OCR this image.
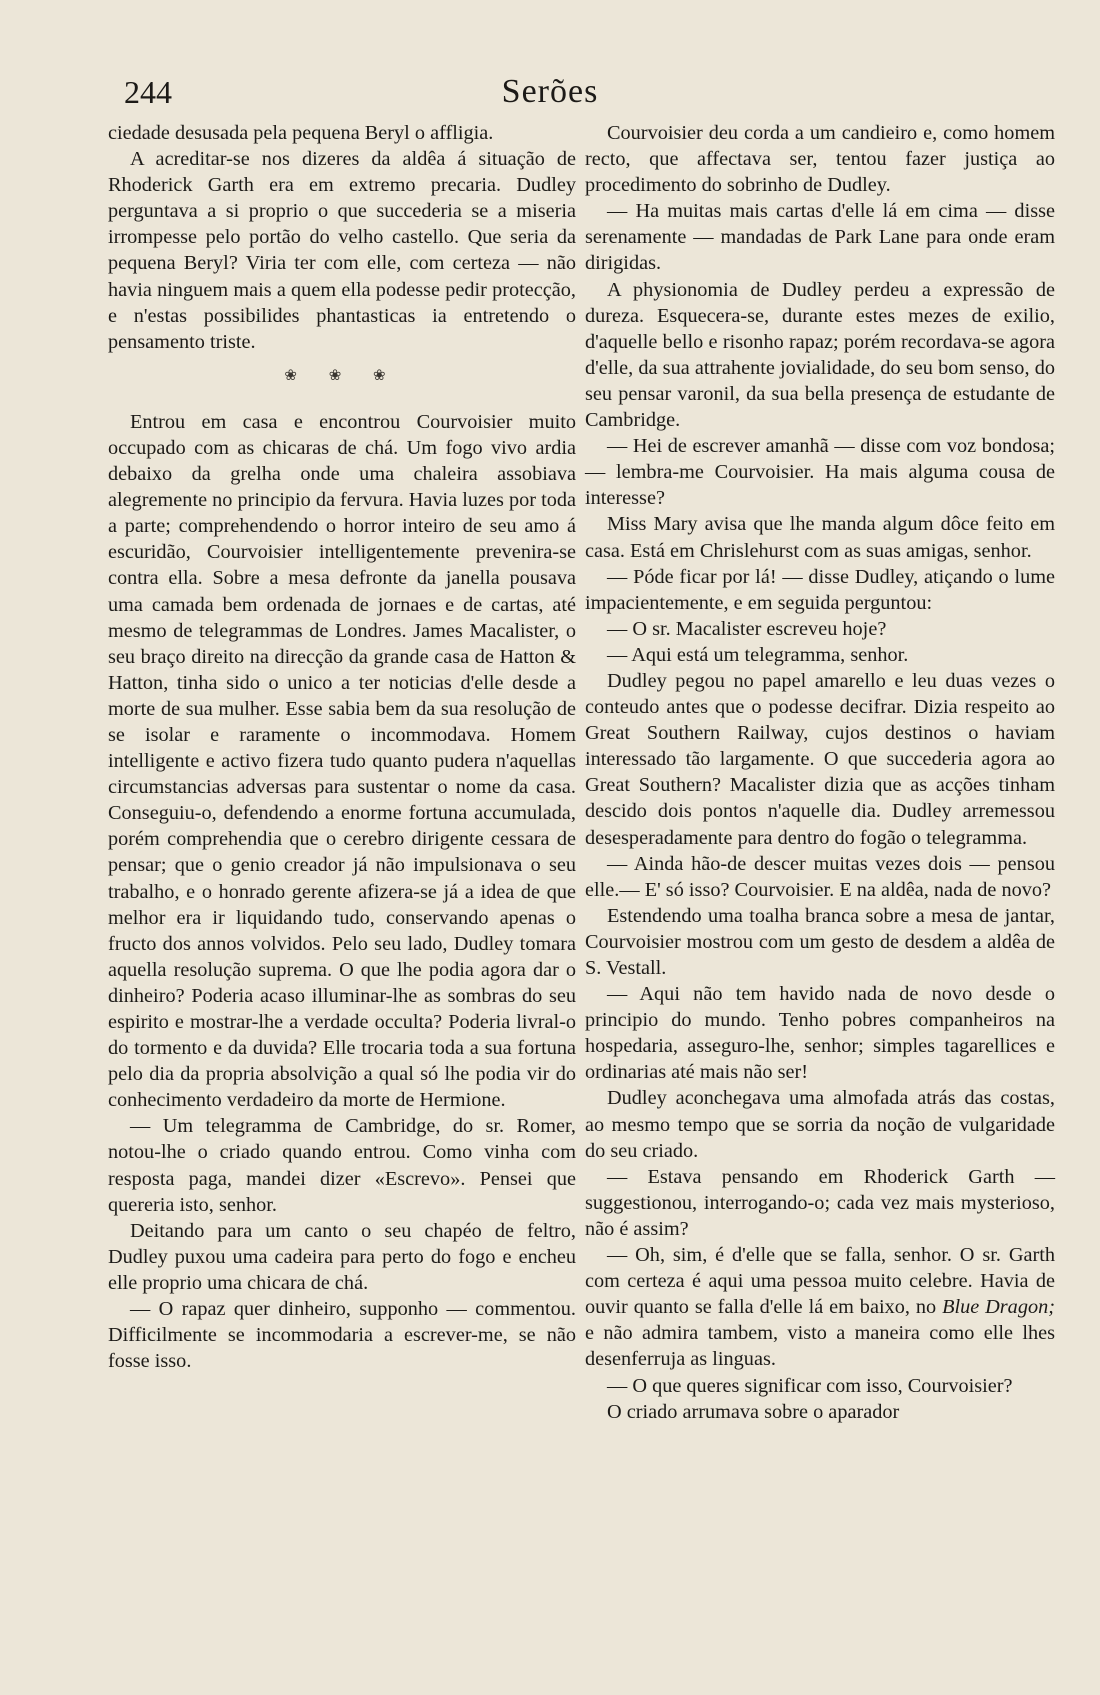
244	Serões

ciedade desusada pela pequena Beryl o affligia.

A acreditar-se nos dizeres da aldêa á situação de Rhoderick Garth era em extremo precaria. Dudley perguntava a si proprio o que succederia se a miseria irrompesse pelo portão do velho castello. Que seria da pequena Beryl? Viria ter com elle, com certeza — não havia ninguem mais a quem ella podesse pedir protecção, e n'estas possibilides phantasticas ia entretendo o pensamento triste.

❀ ❀ ❀

Entrou em casa e encontrou Courvoisier muito occupado com as chicaras de chá. Um fogo vivo ardia debaixo da grelha onde uma chaleira assobiava alegremente no principio da fervura. Havia luzes por toda a parte; comprehendendo o horror inteiro de seu amo á escuridão, Courvoisier intelligentemente prevenira-se contra ella. Sobre a mesa defronte da janella pousava uma camada bem ordenada de jornaes e de cartas, até mesmo de telegrammas de Londres. James Macalister, o seu braço direito na direcção da grande casa de Hatton & Hatton, tinha sido o unico a ter noticias d'elle desde a morte de sua mulher. Esse sabia bem da sua resolução de se isolar e raramente o incommodava. Homem intelligente e activo fizera tudo quanto pudera n'aquellas circumstancias adversas para sustentar o nome da casa. Conseguiu-o, defendendo a enorme fortuna accumulada, porém comprehendia que o cerebro dirigente cessara de pensar; que o genio creador já não impulsionava o seu trabalho, e o honrado gerente afizera-se já a idea de que melhor era ir liquidando tudo, conservando apenas o fructo dos annos volvidos. Pelo seu lado, Dudley tomara aquella resolução suprema. O que lhe podia agora dar o dinheiro? Poderia acaso illuminar-lhe as sombras do seu espirito e mostrar-lhe a verdade occulta? Poderia livral-o do tormento e da duvida? Elle trocaria toda a sua fortuna pelo dia da propria absolvição a qual só lhe podia vir do conhecimento verdadeiro da morte de Hermione.

— Um telegramma de Cambridge, do sr. Romer, notou-lhe o criado quando entrou. Como vinha com resposta paga, mandei dizer «Escrevo». Pensei que quereria isto, senhor.

Deitando para um canto o seu chapéo de feltro, Dudley puxou uma cadeira para perto do fogo e encheu elle proprio uma chicara de chá.

— O rapaz quer dinheiro, supponho — commentou. Difficilmente se incommodaria a escrever-me, se não fosse isso.

Courvoisier deu corda a um candieiro e, como homem recto, que affectava ser, tentou fazer justiça ao procedimento do sobrinho de Dudley.

— Ha muitas mais cartas d'elle lá em cima — disse serenamente — mandadas de Park Lane para onde eram dirigidas.

A physionomia de Dudley perdeu a expressão de dureza. Esquecera-se, durante estes mezes de exilio, d'aquelle bello e risonho rapaz; porém recordava-se agora d'elle, da sua attrahente jovialidade, do seu bom senso, do seu pensar varonil, da sua bella presença de estudante de Cambridge.

— Hei de escrever amanhã — disse com voz bondosa; — lembra-me Courvoisier. Ha mais alguma cousa de interesse?

Miss Mary avisa que lhe manda algum dôce feito em casa. Está em Chrislehurst com as suas amigas, senhor.

— Póde ficar por lá! — disse Dudley, atiçando o lume impacientemente, e em seguida perguntou:

— O sr. Macalister escreveu hoje?

— Aqui está um telegramma, senhor.

Dudley pegou no papel amarello e leu duas vezes o conteudo antes que o podesse decifrar. Dizia respeito ao Great Southern Railway, cujos destinos o haviam interessado tão largamente. O que succederia agora ao Great Southern? Macalister dizia que as acções tinham descido dois pontos n'aquelle dia. Dudley arremessou desesperadamente para dentro do fogão o telegramma.

— Ainda hão-de descer muitas vezes dois — pensou elle.— E' só isso? Courvoisier. E na aldêa, nada de novo?

Estendendo uma toalha branca sobre a mesa de jantar, Courvoisier mostrou com um gesto de desdem a aldêa de S. Vestall.

— Aqui não tem havido nada de novo desde o principio do mundo. Tenho pobres companheiros na hospedaria, asseguro-lhe, senhor; simples tagarellices e ordinarias até mais não ser!

Dudley aconchegava uma almofada atrás das costas, ao mesmo tempo que se sorria da noção de vulgaridade do seu criado.

— Estava pensando em Rhoderick Garth — suggestionou, interrogando-o; cada vez mais mysterioso, não é assim?

— Oh, sim, é d'elle que se falla, senhor. O sr. Garth com certeza é aqui uma pessoa muito celebre. Havia de ouvir quanto se falla d'elle lá em baixo, no Blue Dragon; e não admira tambem, visto a maneira como elle lhes desenferruja as linguas.

— O que queres significar com isso, Courvoisier?

O criado arrumava sobre o aparador
